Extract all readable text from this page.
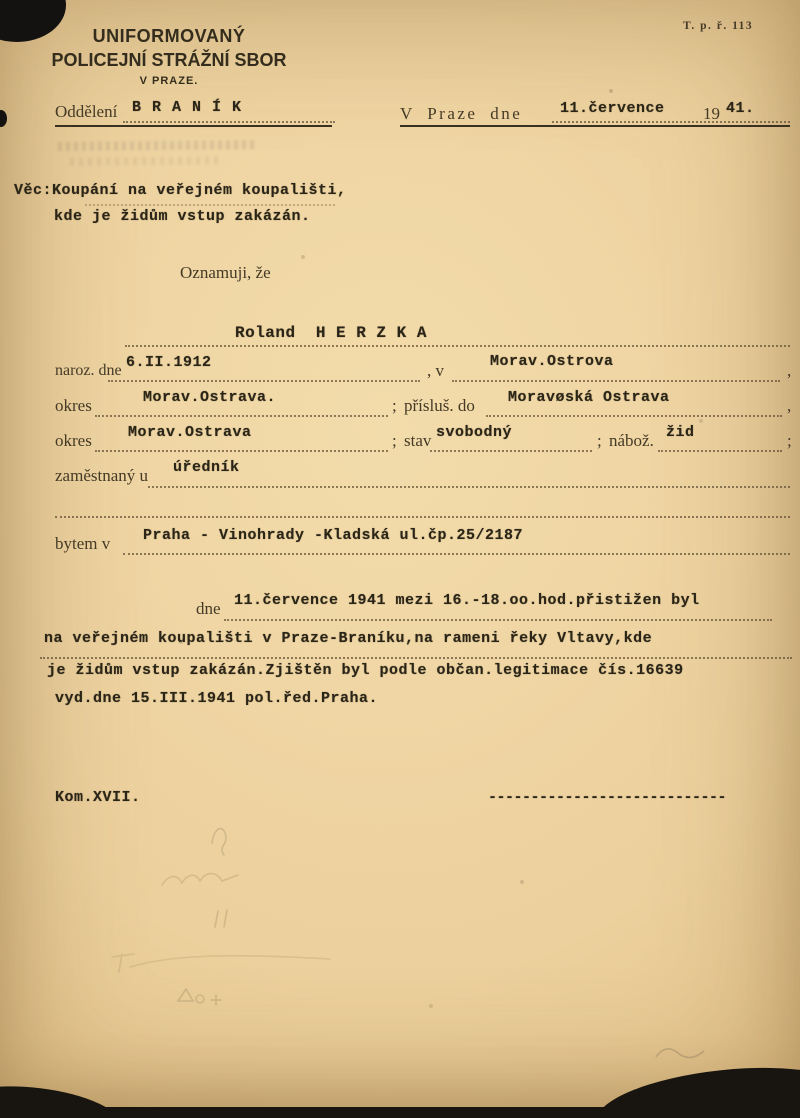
T. p. ř. 113
UNIFORMOVANÝ
POLICEJNÍ STRÁŽNÍ SBOR
V PRAZE.
Oddělení B R A N Í K	V Praze dne	11.července 19 41.
Věc:Koupání na veřejném koupališti,
kde je židům vstup zakázán.
Oznamuji, že
Roland  H E R Z K A
naroz. dne 6.II.1912	, v	Morav.Ostrova	,
okres	Morav.Ostrava.	; přísluš. do Moravøská Ostrava	,
okres Morav.Ostrava	; stav svobodný	; nábož. žid	;
zaměstnaný u úředník
bytem v Praha - Vinohrady -Kladská ul.čp.25/2187
dne 11.července 1941 mezi 16.-18.oo.hod.přistižen byl
na veřejném koupališti v Praze-Braníku,na rameni řeky Vltavy,kde
je židům vstup zakázán.Zjištěn byl podle občan.legitimace čís.16639
vyd.dne 15.III.1941 pol.řed.Praha.
Kom.XVII.	----------------------------
